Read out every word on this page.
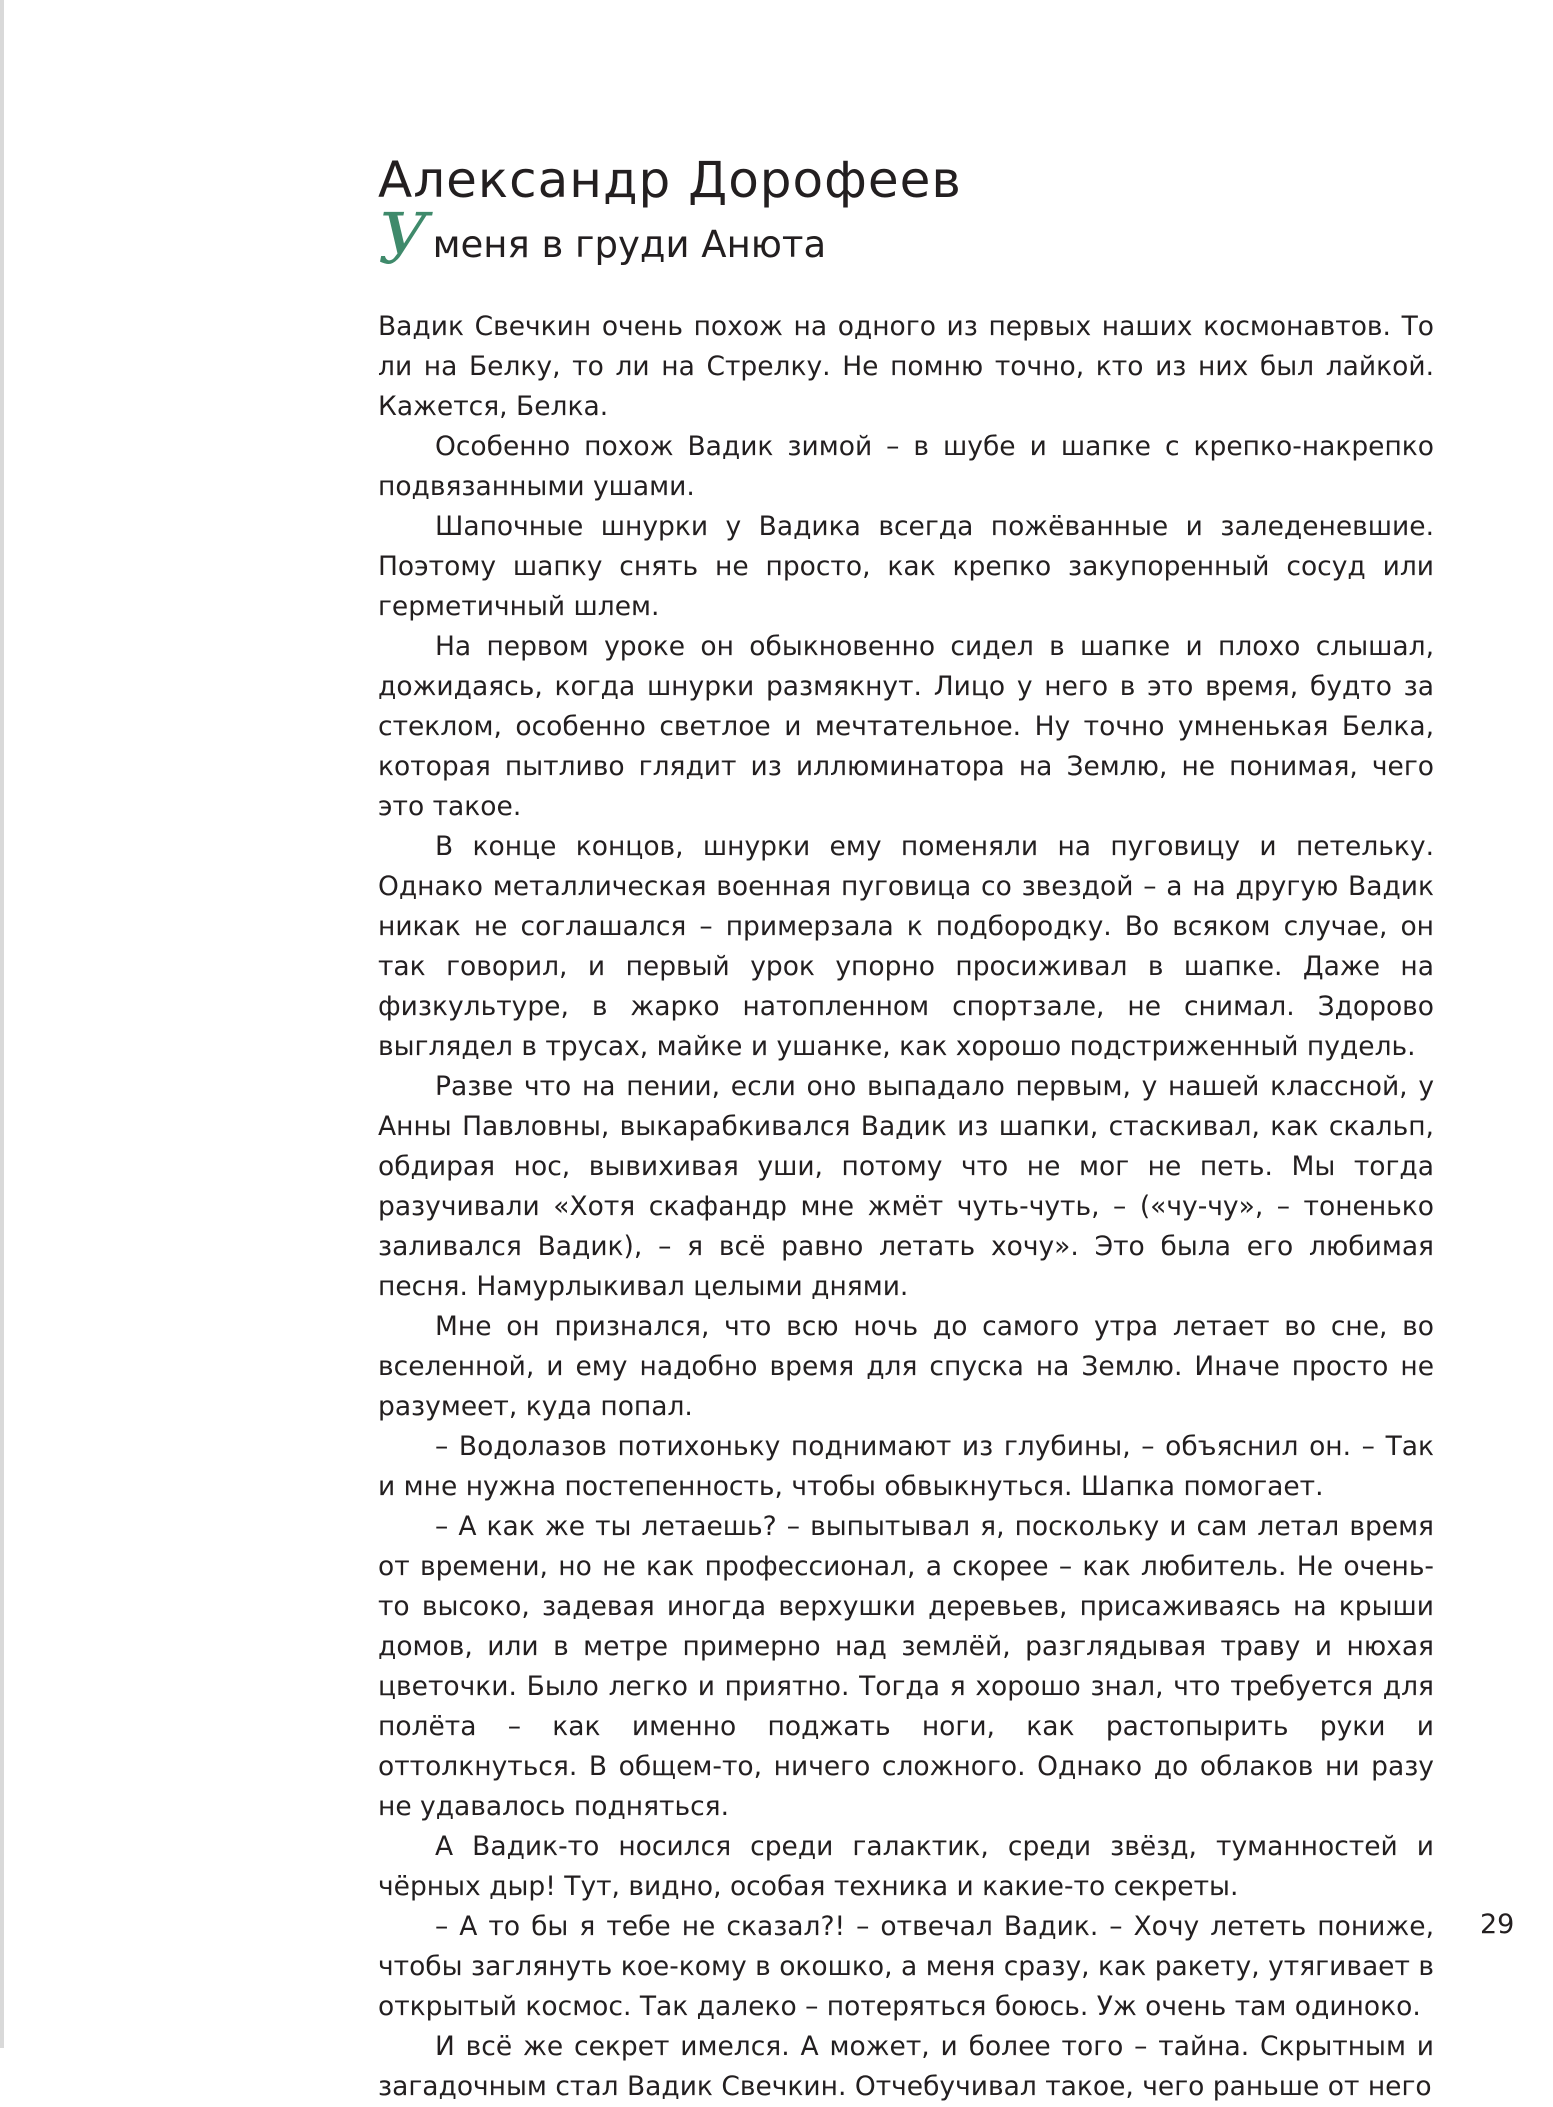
Александр Дорофеев
Уменя в груди Анюта

Вадик Свечкин очень похож на одного из первых наших космонавтов. То ли на Белку, то ли на Стрелку. Не помню точно, кто из них был лайкой. Кажется, Белка.

Особенно похож Вадик зимой – в шубе и шапке с крепко-накрепко подвязанными ушами.

Шапочные шнурки у Вадика всегда пожёванные и заледеневшие. Поэтому шапку снять не просто, как крепко закупоренный сосуд или герметичный шлем.

На первом уроке он обыкновенно сидел в шапке и плохо слышал, дожидаясь, когда шнурки размякнут. Лицо у него в это время, будто за стеклом, особенно светлое и мечтательное. Ну точно умненькая Белка, которая пытливо глядит из иллюминатора на Землю, не понимая, чего это такое.

В конце концов, шнурки ему поменяли на пуговицу и петельку. Однако металлическая военная пуговица со звездой – а на другую Вадик никак не соглашался – примерзала к подбородку. Во всяком случае, он так говорил, и первый урок упорно просиживал в шапке. Даже на физкультуре, в жарко натопленном спортзале, не снимал. Здорово выглядел в трусах, майке и ушанке, как хорошо подстриженный пудель.

Разве что на пении, если оно выпадало первым, у нашей классной, у Анны Павловны, выкарабкивался Вадик из шапки, стаскивал, как скальп, обдирая нос, вывихивая уши, потому что не мог не петь. Мы тогда разучивали «Хотя скафандр мне жмёт чуть-чуть, – («чу-чу», – тоненько заливался Вадик), – я всё равно летать хочу». Это была его любимая песня. Намурлыкивал целыми днями.

Мне он признался, что всю ночь до самого утра летает во сне, во вселенной, и ему надобно время для спуска на Землю. Иначе просто не разумеет, куда попал.

– Водолазов потихоньку поднимают из глубины, – объяснил он. – Так и мне нужна постепенность, чтобы обвыкнуться. Шапка помогает.

– А как же ты летаешь? – выпытывал я, поскольку и сам летал время от времени, но не как профессионал, а скорее – как любитель. Не очень-то высоко, задевая иногда верхушки деревьев, присаживаясь на крыши домов, или в метре примерно над землёй, разглядывая траву и нюхая цветочки. Было легко и приятно. Тогда я хорошо знал, что требуется для полёта – как именно поджать ноги, как растопырить руки и оттолкнуться. В общем-то, ничего сложного. Однако до облаков ни разу не удавалось подняться.

А Вадик-то носился среди галактик, среди звёзд, туманностей и чёрных дыр! Тут, видно, особая техника и какие-то секреты.

– А то бы я тебе не сказал?! – отвечал Вадик. – Хочу лететь пониже, чтобы заглянуть кое-кому в окошко, а меня сразу, как ракету, утягивает в открытый космос. Так далеко – потеряться боюсь. Уж очень там одиноко.

И всё же секрет имелся. А может, и более того – тайна. Скрытным и загадочным стал Вадик Свечкин. Отчебучивал такое, чего раньше от него

29
